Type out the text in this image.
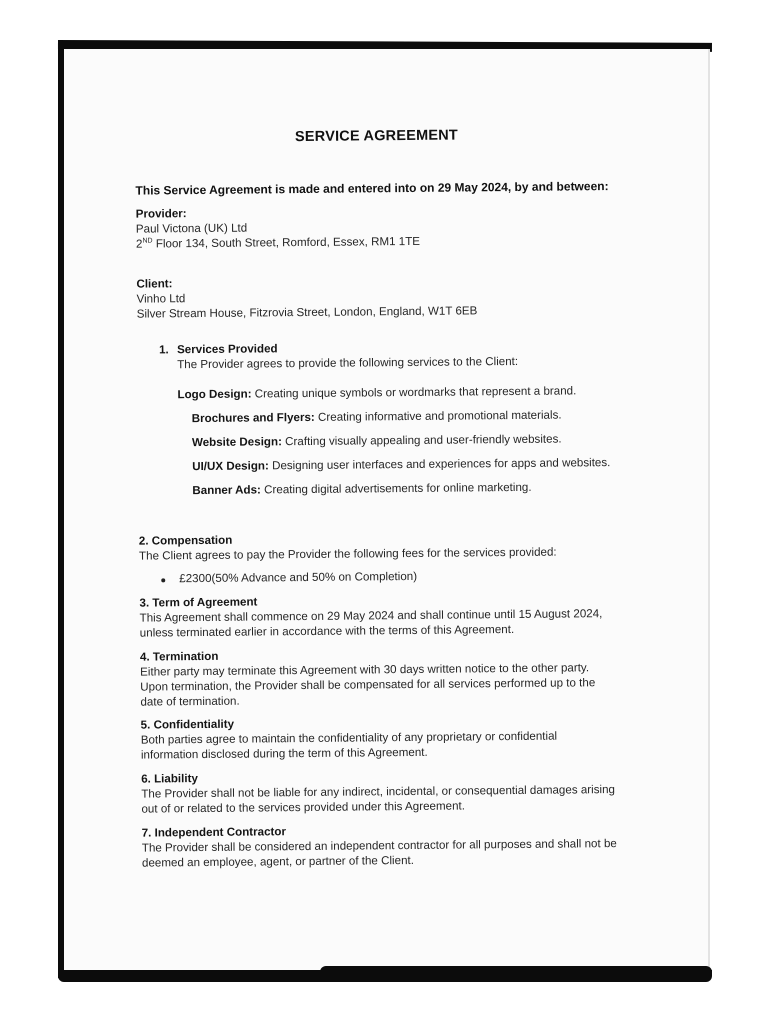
SERVICE AGREEMENT
This Service Agreement is made and entered into on 29 May 2024, by and between:
Provider:
Paul Victona (UK) Ltd
2ND Floor 134, South Street, Romford, Essex, RM1 1TE
Client:
Vinho Ltd
Silver Stream House, Fitzrovia Street, London, England, W1T 6EB
1. Services Provided
The Provider agrees to provide the following services to the Client:
Logo Design: Creating unique symbols or wordmarks that represent a brand.
Brochures and Flyers: Creating informative and promotional materials.
Website Design: Crafting visually appealing and user-friendly websites.
UI/UX Design: Designing user interfaces and experiences for apps and websites.
Banner Ads: Creating digital advertisements for online marketing.
2. Compensation
The Client agrees to pay the Provider the following fees for the services provided:
£2300(50% Advance and 50% on Completion)
3. Term of Agreement
This Agreement shall commence on 29 May 2024 and shall continue until 15 August 2024,
unless terminated earlier in accordance with the terms of this Agreement.
4. Termination
Either party may terminate this Agreement with 30 days written notice to the other party.
Upon termination, the Provider shall be compensated for all services performed up to the
date of termination.
5. Confidentiality
Both parties agree to maintain the confidentiality of any proprietary or confidential
information disclosed during the term of this Agreement.
6. Liability
The Provider shall not be liable for any indirect, incidental, or consequential damages arising
out of or related to the services provided under this Agreement.
7. Independent Contractor
The Provider shall be considered an independent contractor for all purposes and shall not be
deemed an employee, agent, or partner of the Client.
